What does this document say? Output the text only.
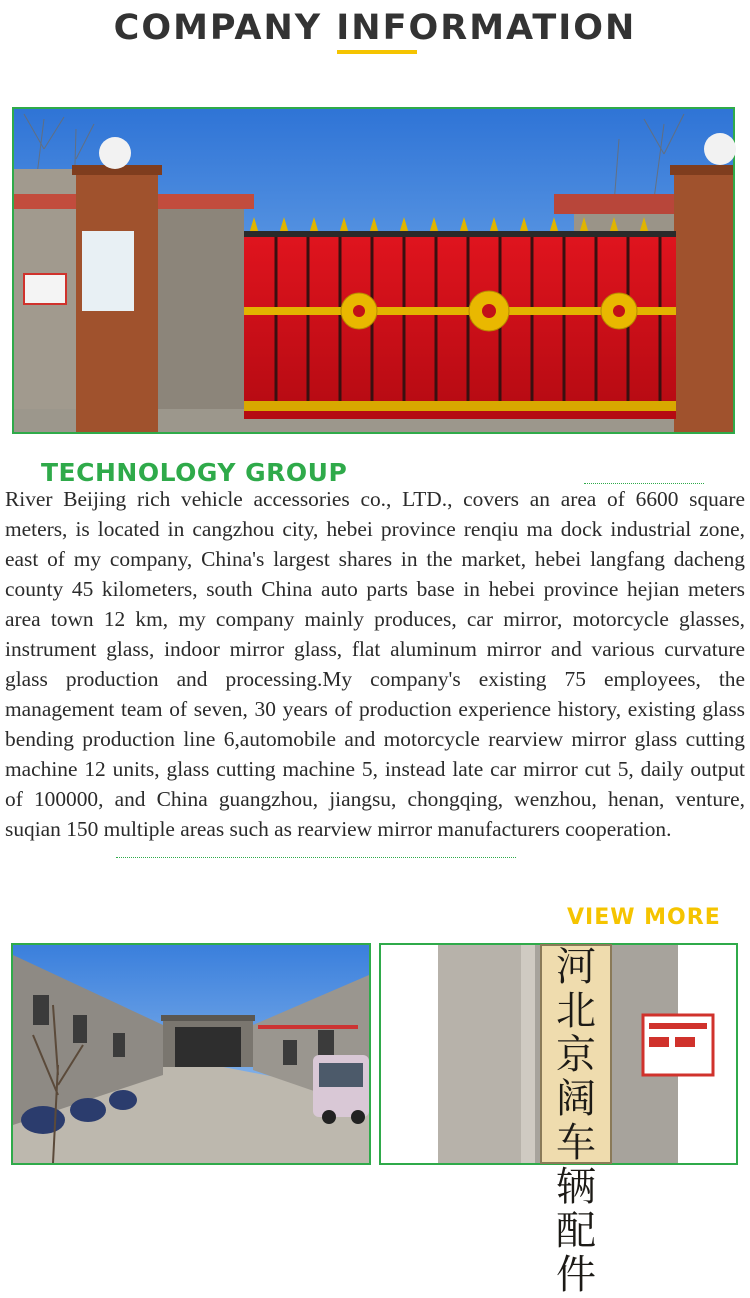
COMPANY INFORMATION
TECHNOLOGY GROUP

River Beijing rich vehicle accessories co., LTD., covers an area of 6600 square meters, is located in cangzhou city, hebei province renqiu ma dock industrial zone, east of my company, China's largest shares in the market, hebei langfang dacheng county 45 kilometers, south China auto parts base in hebei province hejian meters area town 12 km, my company mainly produces, car mirror, motorcycle glasses, instrument glass, indoor mirror glass, flat aluminum mirror and various curvature glass production and processing.My company's existing 75 employees, the management team of seven, 30 years of production experience history, existing glass bending production line 6,automobile and motorcycle rearview mirror glass cutting machine 12 units, glass cutting machine 5, instead late car mirror cut 5, daily output of 100000, and China guangzhou, jiangsu, chongqing, wenzhou, henan, venture, suqian 150 multiple areas such as rearview mirror manufacturers cooperation.

VIEW MORE

河北京阔车辆配件
